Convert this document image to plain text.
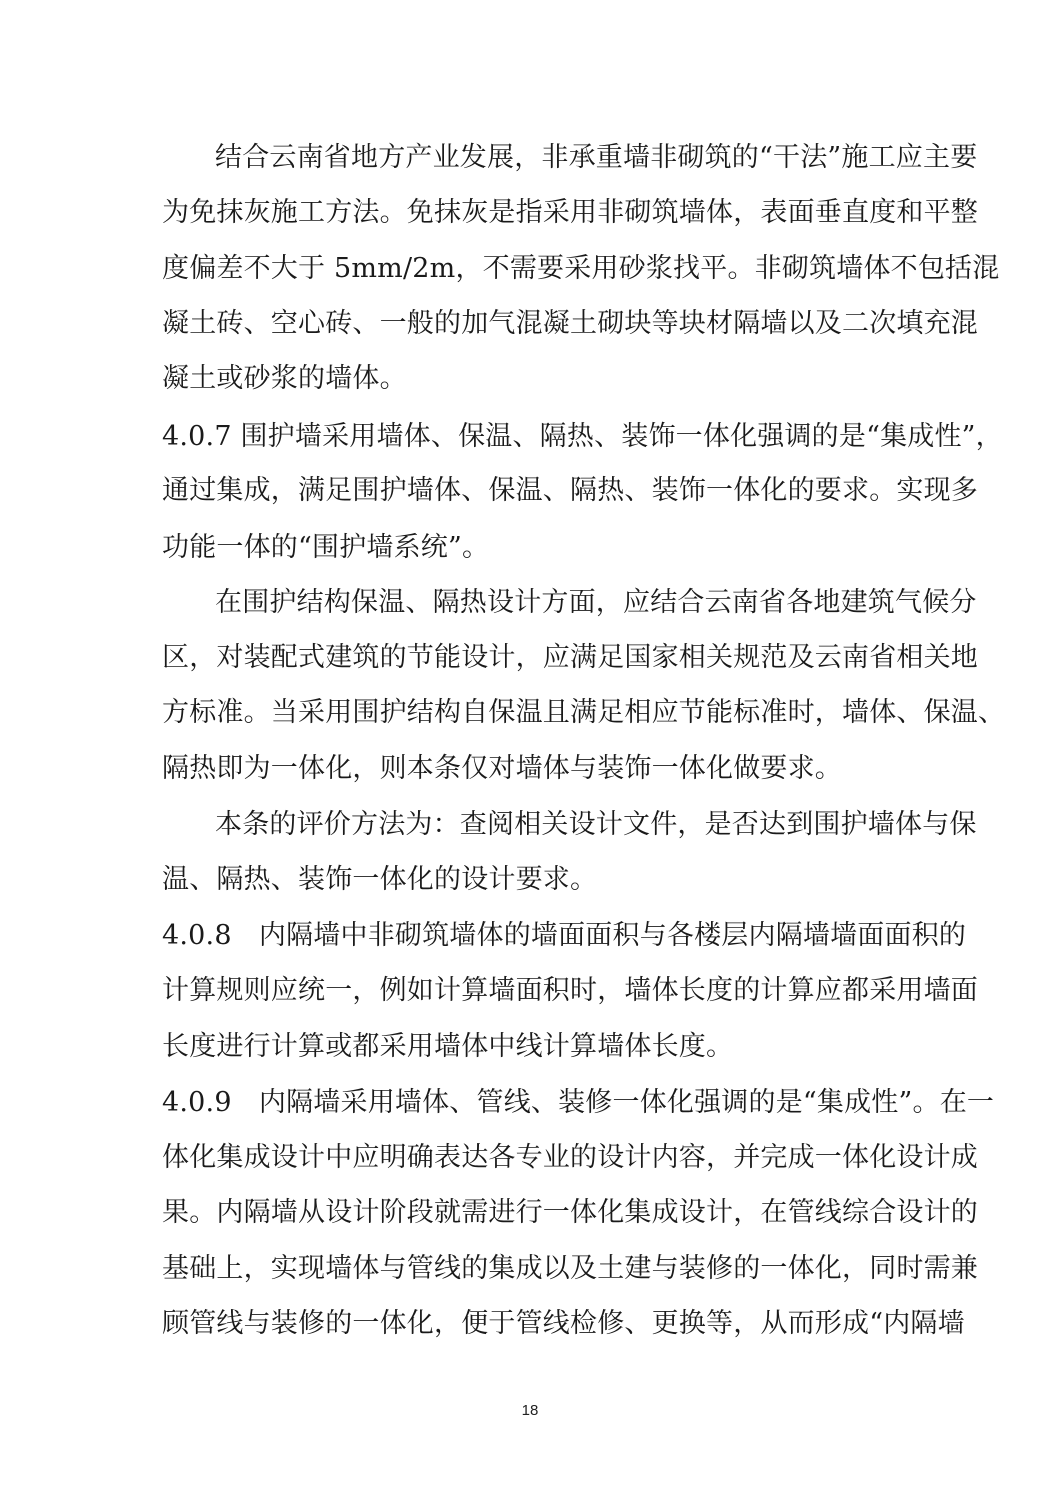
结合云南省地方产业发展，非承重墙非砌筑的“干法”施工应主要
为免抹灰施工方法。免抹灰是指采用非砌筑墙体，表面垂直度和平整
度偏差不大于 5mm/2m，不需要采用砂浆找平。非砌筑墙体不包括混
凝土砖、空心砖、一般的加气混凝土砌块等块材隔墙以及二次填充混
凝土或砂浆的墙体。
4.0.7 围护墙采用墙体、保温、隔热、装饰一体化强调的是“集成性”，
通过集成，满足围护墙体、保温、隔热、装饰一体化的要求。实现多
功能一体的“围护墙系统”。
在围护结构保温、隔热设计方面，应结合云南省各地建筑气候分
区，对装配式建筑的节能设计，应满足国家相关规范及云南省相关地
方标准。当采用围护结构自保温且满足相应节能标准时，墙体、保温、
隔热即为一体化，则本条仅对墙体与装饰一体化做要求。
本条的评价方法为：查阅相关设计文件，是否达到围护墙体与保
温、隔热、装饰一体化的设计要求。
4.0.8　内隔墙中非砌筑墙体的墙面面积与各楼层内隔墙墙面面积的
计算规则应统一，例如计算墙面积时，墙体长度的计算应都采用墙面
长度进行计算或都采用墙体中线计算墙体长度。
4.0.9　内隔墙采用墙体、管线、装修一体化强调的是“集成性”。在一
体化集成设计中应明确表达各专业的设计内容，并完成一体化设计成
果。内隔墙从设计阶段就需进行一体化集成设计，在管线综合设计的
基础上，实现墙体与管线的集成以及土建与装修的一体化，同时需兼
顾管线与装修的一体化，便于管线检修、更换等，从而形成“内隔墙
18
